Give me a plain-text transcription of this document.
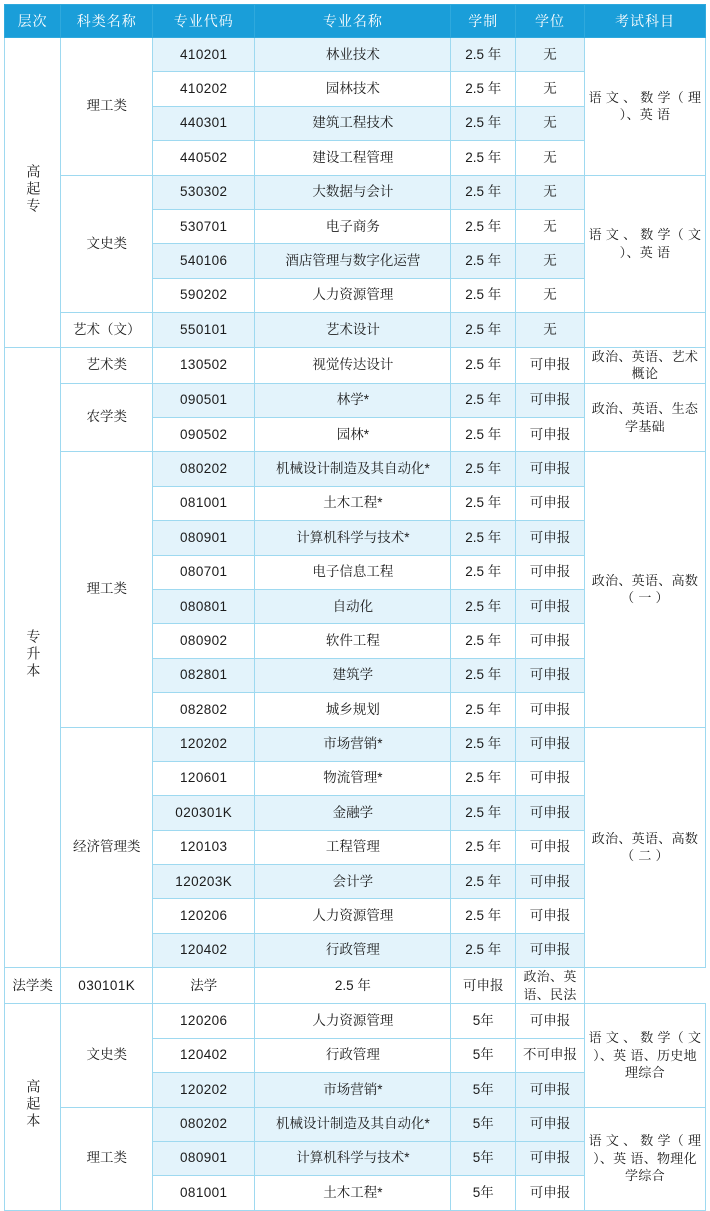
层次	科类名称	专业代码	专业名称	学制	学位	考试科目
高起专	理工类	410201	林业技术	2.5 年	无	语 文 、 数 学（ 理 ）、英 语
		410202	园林技术	2.5 年	无	
		440301	建筑工程技术	2.5 年	无	
		440502	建设工程管理	2.5 年	无	
	文史类	530302	大数据与会计	2.5 年	无	语 文 、 数 学（ 文 ）、英 语
		530701	电子商务	2.5 年	无	
		540106	酒店管理与数字化运营	2.5 年	无	
		590202	人力资源管理	2.5 年	无	
	艺术（文）	550101	艺术设计	2.5 年	无	
专升本	艺术类	130502	视觉传达设计	2.5 年	可申报	政治、英语、艺术概论
	农学类	090501	林学*	2.5 年	可申报	政治、英语、生态学基础
		090502	园林*	2.5 年	可申报	
	理工类	080202	机械设计制造及其自动化*	2.5 年	可申报	政治、英语、高数（ 一 ）
		081001	土木工程*	2.5 年	可申报	
		080901	计算机科学与技术*	2.5 年	可申报	
		080701	电子信息工程	2.5 年	可申报	
		080801	自动化	2.5 年	可申报	
		080902	软件工程	2.5 年	可申报	
		082801	建筑学	2.5 年	可申报	
		082802	城乡规划	2.5 年	可申报	
	经济管理类	120202	市场营销*	2.5 年	可申报	政治、英语、高数（ 二 ）
		120601	物流管理*	2.5 年	可申报	
		020301K	金融学	2.5 年	可申报	
		120103	工程管理	2.5 年	可申报	
		120203K	会计学	2.5 年	可申报	
		120206	人力资源管理	2.5 年	可申报	
		120402	行政管理	2.5 年	可申报	
法学类	030101K	法学	2.5 年	可申报	政治、英语、民法	
高起本	文史类	120206	人力资源管理	5年	可申报	语 文 、 数 学（ 文 ）、英 语、历史地理综合
		120402	行政管理	5年	不可申报	
		120202	市场营销*	5年	可申报	
	理工类	080202	机械设计制造及其自动化*	5年	可申报	语 文 、 数 学（ 理 ）、英 语、物理化学综合
		080901	计算机科学与技术*	5年	可申报	
		081001	土木工程*	5年	可申报	
